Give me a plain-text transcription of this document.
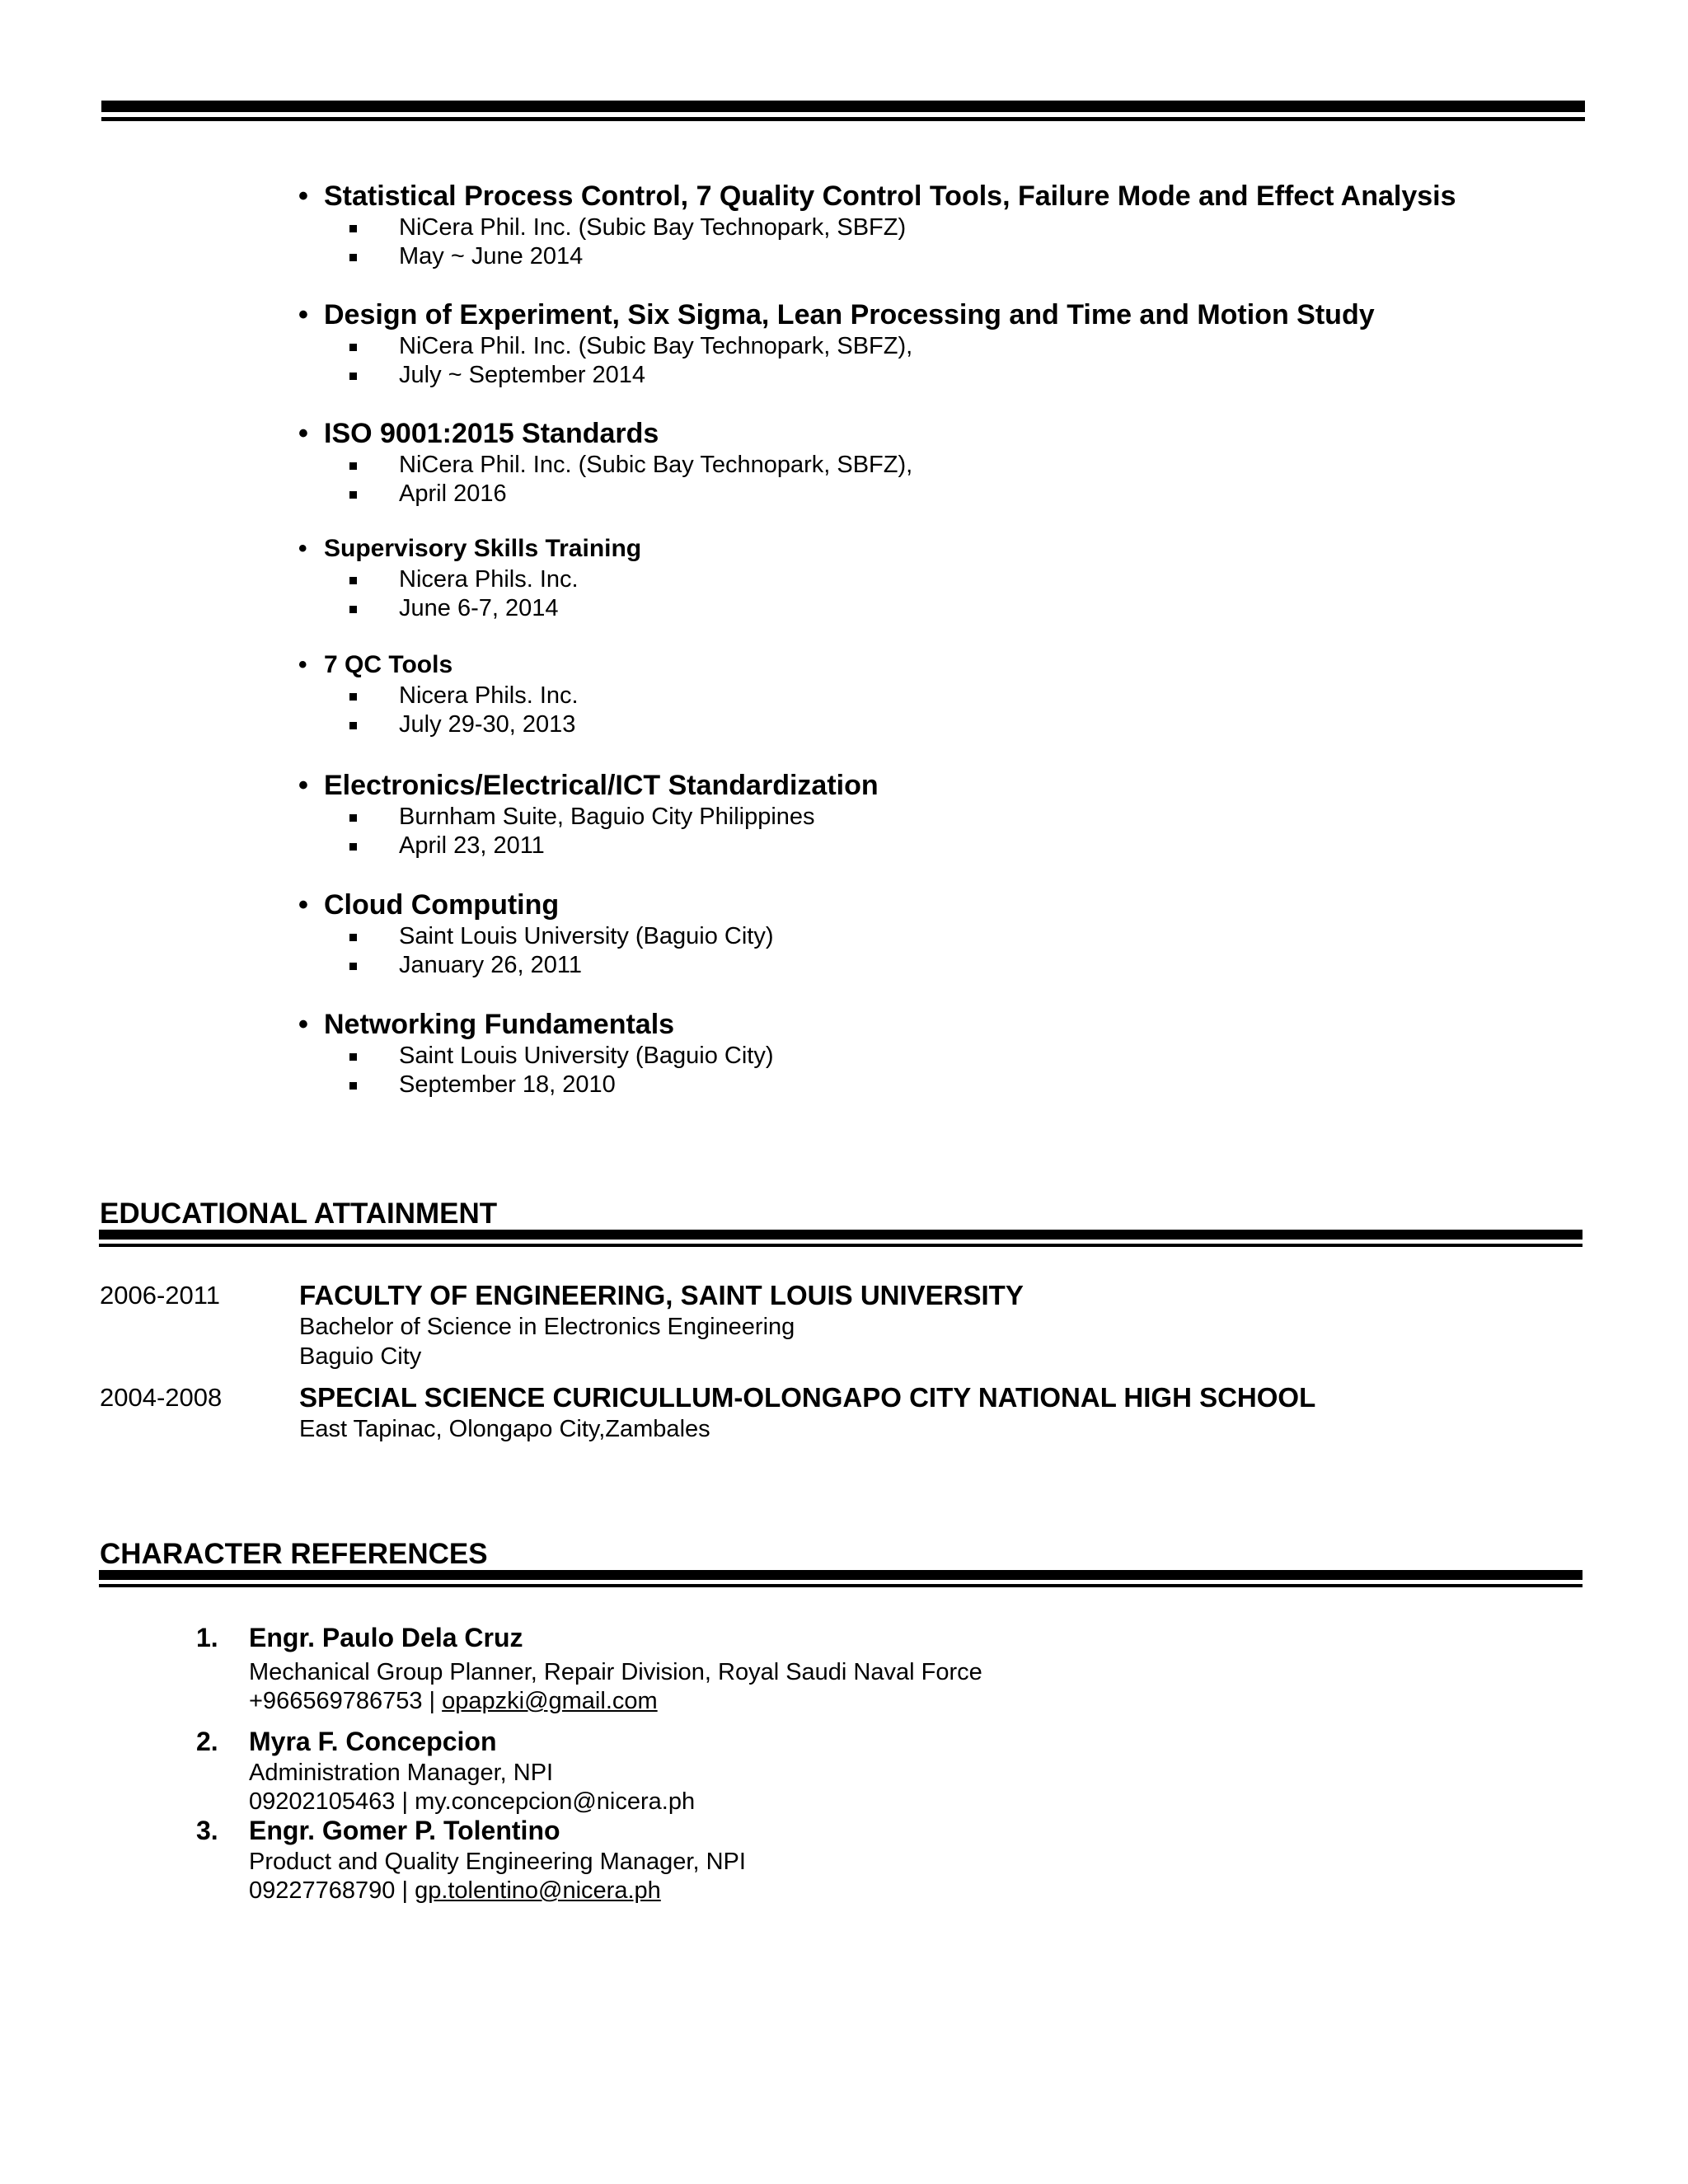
• Statistical Process Control, 7 Quality Control Tools, Failure Mode and Effect Analysis
NiCera Phil. Inc. (Subic Bay Technopark, SBFZ)
May ~ June 2014
• Design of Experiment, Six Sigma, Lean Processing and Time and Motion Study
NiCera Phil. Inc. (Subic Bay Technopark, SBFZ),
July ~ September 2014
• ISO 9001:2015 Standards
NiCera Phil. Inc. (Subic Bay Technopark, SBFZ),
April 2016
• Supervisory Skills Training
Nicera Phils. Inc.
June 6-7, 2014
• 7 QC Tools
Nicera Phils. Inc.
July 29-30, 2013
• Electronics/Electrical/ICT Standardization
Burnham Suite, Baguio City Philippines
April 23, 2011
• Cloud Computing
Saint Louis University (Baguio City)
January 26, 2011
• Networking Fundamentals
Saint Louis University (Baguio City)
September 18, 2010
EDUCATIONAL ATTAINMENT
2006-2011	FACULTY OF ENGINEERING, SAINT LOUIS UNIVERSITY
Bachelor of Science in Electronics Engineering
Baguio City
2004-2008	SPECIAL SCIENCE CURICULLUM-OLONGAPO CITY NATIONAL HIGH SCHOOL
East Tapinac, Olongapo City,Zambales
CHARACTER REFERENCES
1. Engr. Paulo Dela Cruz
Mechanical Group Planner, Repair Division, Royal Saudi Naval Force
+966569786753 | opapzki@gmail.com
2. Myra F. Concepcion
Administration Manager, NPI
09202105463 | my.concepcion@nicera.ph
3. Engr. Gomer P. Tolentino
Product and Quality Engineering Manager, NPI
09227768790 | gp.tolentino@nicera.ph
